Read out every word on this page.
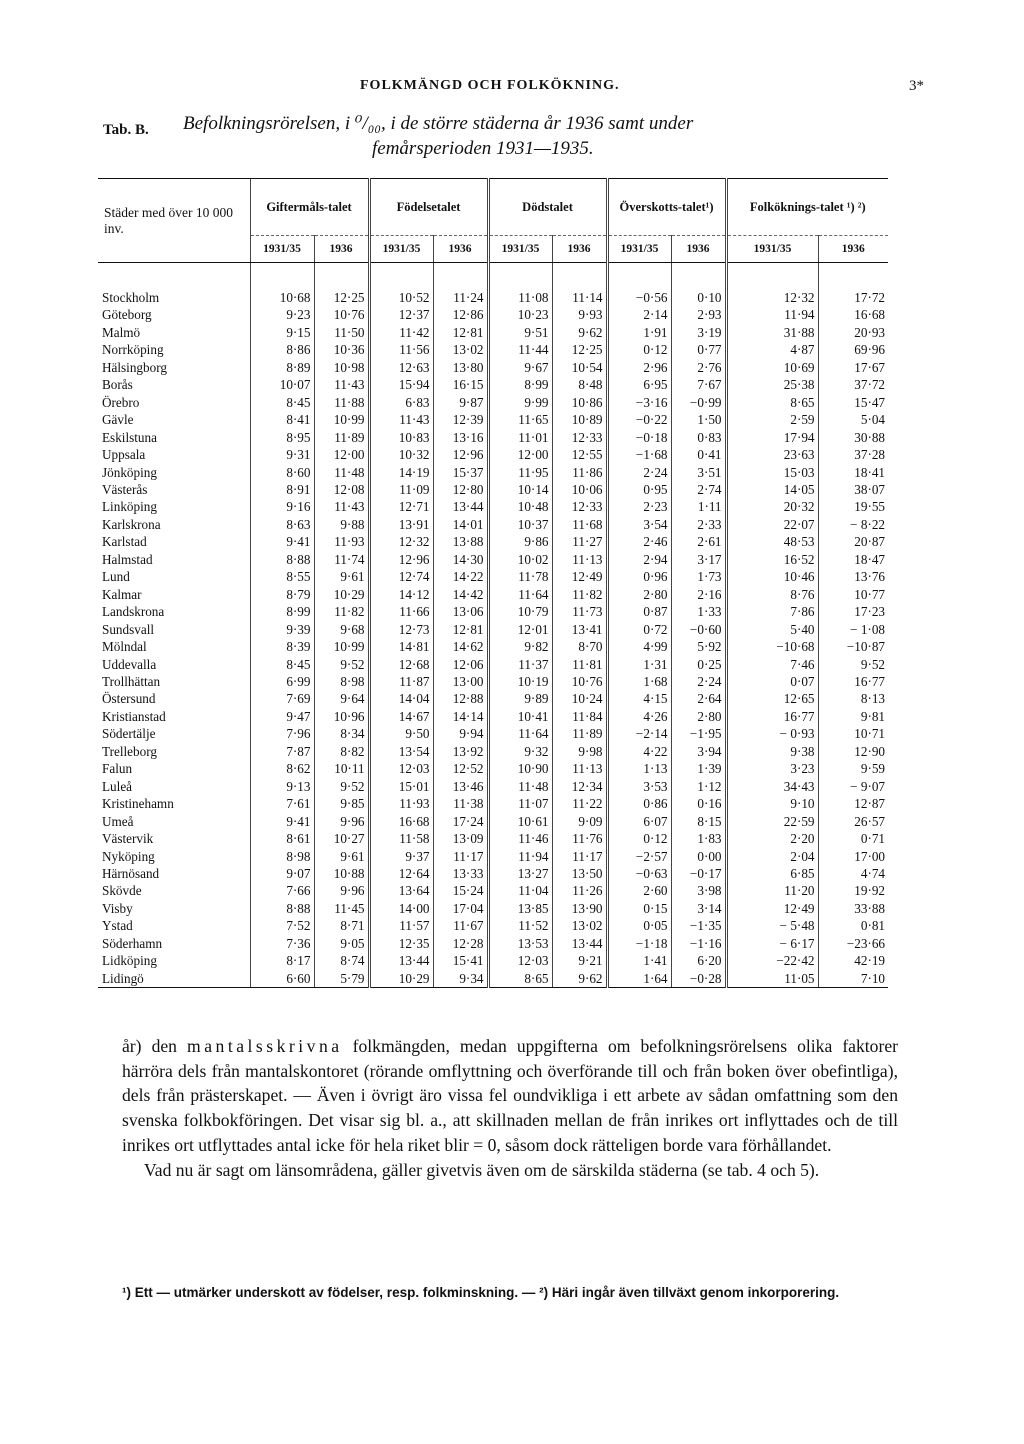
FOLKMÄNGD OCH FOLKÖKNING.	3*
Tab. B. Befolkningsrörelsen, i ⁰/₀₀, i de större städerna år 1936 samt under
femårsperioden 1931—1935.
Städer med över 10 000 inv.	Giftermåls-talet		Födelsetalet		Dödstalet		Överskotts-talet¹)		Folköknings-talet ¹) ²)	
	1931/35	1936	1931/35	1936	1931/35	1936	1931/35	1936	1931/35	1936
Stockholm	10·68	12·25	10·52	11·24	11·08	11·14	−0·56	0·10	12·32	17·72
Göteborg	9·23	10·76	12·37	12·86	10·23	9·93	2·14	2·93	11·94	16·68
Malmö	9·15	11·50	11·42	12·81	9·51	9·62	1·91	3·19	31·88	20·93
Norrköping	8·86	10·36	11·56	13·02	11·44	12·25	0·12	0·77	4·87	69·96
Hälsingborg	8·89	10·98	12·63	13·80	9·67	10·54	2·96	2·76	10·69	17·67
Borås	10·07	11·43	15·94	16·15	8·99	8·48	6·95	7·67	25·38	37·72
Örebro	8·45	11·88	6·83	9·87	9·99	10·86	−3·16	−0·99	8·65	15·47
Gävle	8·41	10·99	11·43	12·39	11·65	10·89	−0·22	1·50	2·59	5·04
Eskilstuna	8·95	11·89	10·83	13·16	11·01	12·33	−0·18	0·83	17·94	30·88
Uppsala	9·31	12·00	10·32	12·96	12·00	12·55	−1·68	0·41	23·63	37·28
Jönköping	8·60	11·48	14·19	15·37	11·95	11·86	2·24	3·51	15·03	18·41
Västerås	8·91	12·08	11·09	12·80	10·14	10·06	0·95	2·74	14·05	38·07
Linköping	9·16	11·43	12·71	13·44	10·48	12·33	2·23	1·11	20·32	19·55
Karlskrona	8·63	9·88	13·91	14·01	10·37	11·68	3·54	2·33	22·07	− 8·22
Karlstad	9·41	11·93	12·32	13·88	9·86	11·27	2·46	2·61	48·53	20·87
Halmstad	8·88	11·74	12·96	14·30	10·02	11·13	2·94	3·17	16·52	18·47
Lund	8·55	9·61	12·74	14·22	11·78	12·49	0·96	1·73	10·46	13·76
Kalmar	8·79	10·29	14·12	14·42	11·64	11·82	2·80	2·16	8·76	10·77
Landskrona	8·99	11·82	11·66	13·06	10·79	11·73	0·87	1·33	7·86	17·23
Sundsvall	9·39	9·68	12·73	12·81	12·01	13·41	0·72	−0·60	5·40	− 1·08
Mölndal	8·39	10·99	14·81	14·62	9·82	8·70	4·99	5·92	−10·68	−10·87
Uddevalla	8·45	9·52	12·68	12·06	11·37	11·81	1·31	0·25	7·46	9·52
Trollhättan	6·99	8·98	11·87	13·00	10·19	10·76	1·68	2·24	0·07	16·77
Östersund	7·69	9·64	14·04	12·88	9·89	10·24	4·15	2·64	12·65	8·13
Kristianstad	9·47	10·96	14·67	14·14	10·41	11·84	4·26	2·80	16·77	9·81
Södertälje	7·96	8·34	9·50	9·94	11·64	11·89	−2·14	−1·95	− 0·93	10·71
Trelleborg	7·87	8·82	13·54	13·92	9·32	9·98	4·22	3·94	9·38	12·90
Falun	8·62	10·11	12·03	12·52	10·90	11·13	1·13	1·39	3·23	9·59
Luleå	9·13	9·52	15·01	13·46	11·48	12·34	3·53	1·12	34·43	− 9·07
Kristinehamn	7·61	9·85	11·93	11·38	11·07	11·22	0·86	0·16	9·10	12·87
Umeå	9·41	9·96	16·68	17·24	10·61	9·09	6·07	8·15	22·59	26·57
Västervik	8·61	10·27	11·58	13·09	11·46	11·76	0·12	1·83	2·20	0·71
Nyköping	8·98	9·61	9·37	11·17	11·94	11·17	−2·57	0·00	2·04	17·00
Härnösand	9·07	10·88	12·64	13·33	13·27	13·50	−0·63	−0·17	6·85	4·74
Skövde	7·66	9·96	13·64	15·24	11·04	11·26	2·60	3·98	11·20	19·92
Visby	8·88	11·45	14·00	17·04	13·85	13·90	0·15	3·14	12·49	33·88
Ystad	7·52	8·71	11·57	11·67	11·52	13·02	0·05	−1·35	− 5·48	0·81
Söderhamn	7·36	9·05	12·35	12·28	13·53	13·44	−1·18	−1·16	− 6·17	−23·66
Lidköping	8·17	8·74	13·44	15·41	12·03	9·21	1·41	6·20	−22·42	42·19
Lidingö	6·60	5·79	10·29	9·34	8·65	9·62	1·64	−0·28	11·05	7·10

år) den mantalsskrivna folkmängden, medan uppgifterna om befolkningsrörelsens olika faktorer härröra dels från mantalskontoret (rörande omflyttning och överförande till och från boken över obefintliga), dels från prästerskapet. — Även i övrigt äro vissa fel oundvikliga i ett arbete av sådan omfattning som den svenska folkbokföringen. Det visar sig bl. a., att skillnaden mellan de från inrikes ort inflyttades och de till inrikes ort utflyttades antal icke för hela riket blir = 0, såsom dock rätteligen borde vara förhållandet.

Vad nu är sagt om länsområdena, gäller givetvis även om de särskilda städerna (se tab. 4 och 5).

¹) Ett — utmärker underskott av födelser, resp. folkminskning. — ²) Häri ingår även tillväxt genom inkorporering.
